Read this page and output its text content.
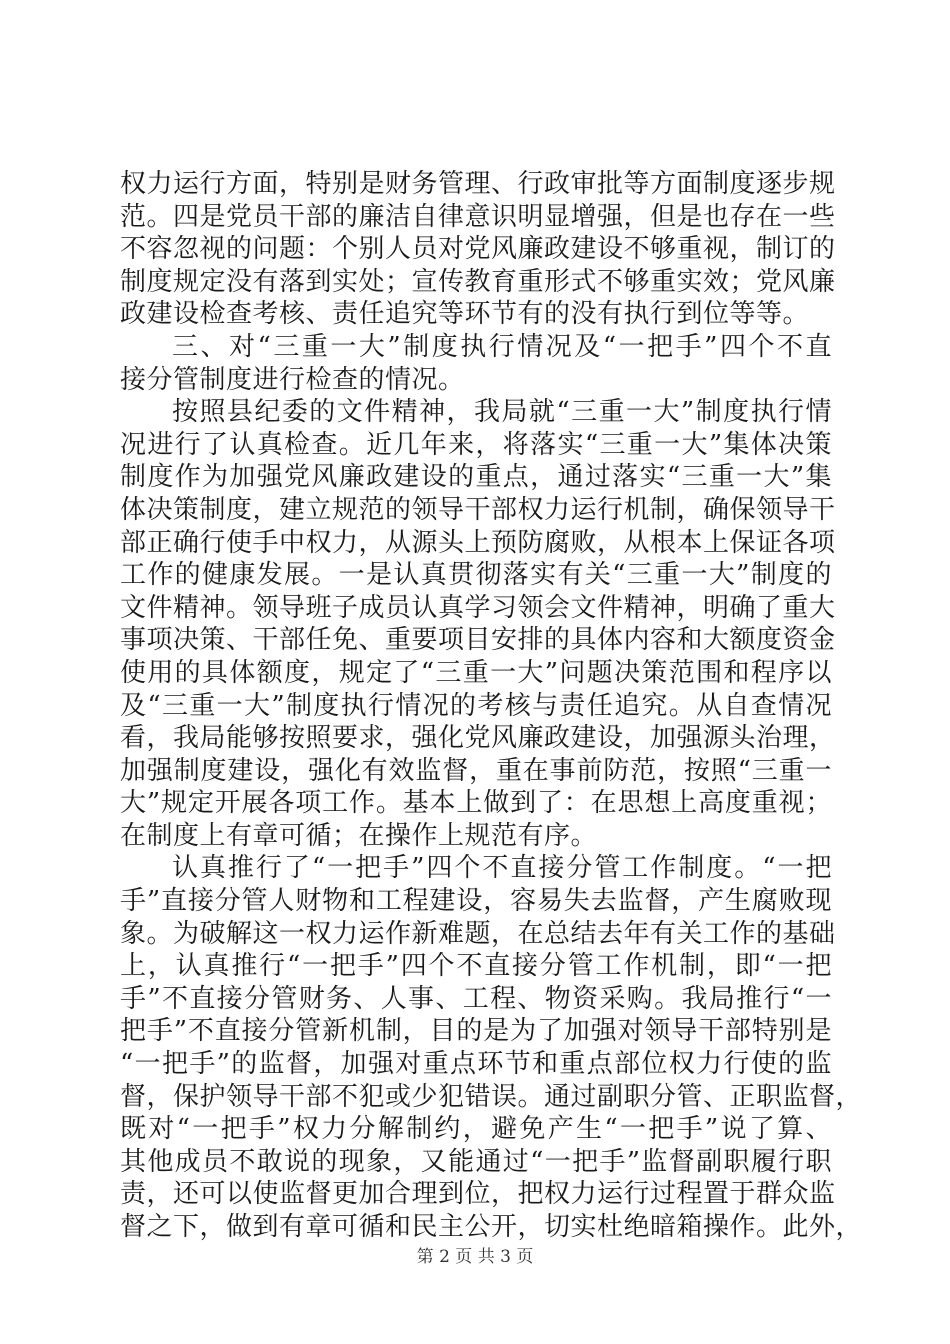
权力运行方面，特别是财务管理、行政审批等方面制度逐步规
范。四是党员干部的廉洁自律意识明显增强，但是也存在一些
不容忽视的问题：个别人员对党风廉政建设不够重视，制订的
制度规定没有落到实处；宣传教育重形式不够重实效；党风廉
政建设检查考核、责任追究等环节有的没有执行到位等等。
三、对“三重一大”制度执行情况及“一把手”四个不直
接分管制度进行检查的情况。
按照县纪委的文件精神，我局就“三重一大”制度执行情
况进行了认真检查。近几年来，将落实“三重一大”集体决策
制度作为加强党风廉政建设的重点，通过落实“三重一大”集
体决策制度，建立规范的领导干部权力运行机制，确保领导干
部正确行使手中权力，从源头上预防腐败，从根本上保证各项
工作的健康发展。一是认真贯彻落实有关“三重一大”制度的
文件精神。领导班子成员认真学习领会文件精神，明确了重大
事项决策、干部任免、重要项目安排的具体内容和大额度资金
使用的具体额度，规定了“三重一大”问题决策范围和程序以
及“三重一大”制度执行情况的考核与责任追究。从自查情况
看，我局能够按照要求，强化党风廉政建设，加强源头治理，
加强制度建设，强化有效监督，重在事前防范，按照“三重一
大”规定开展各项工作。基本上做到了：在思想上高度重视；
在制度上有章可循；在操作上规范有序。
认真推行了“一把手”四个不直接分管工作制度。“一把
手”直接分管人财物和工程建设，容易失去监督，产生腐败现
象。为破解这一权力运作新难题，在总结去年有关工作的基础
上，认真推行“一把手”四个不直接分管工作机制，即“一把
手”不直接分管财务、人事、工程、物资采购。我局推行“一
把手”不直接分管新机制，目的是为了加强对领导干部特别是
“一把手”的监督，加强对重点环节和重点部位权力行使的监
督，保护领导干部不犯或少犯错误。通过副职分管、正职监督，
既对“一把手”权力分解制约，避免产生“一把手”说了算、
其他成员不敢说的现象，又能通过“一把手”监督副职履行职
责，还可以使监督更加合理到位，把权力运行过程置于群众监
督之下，做到有章可循和民主公开，切实杜绝暗箱操作。此外，
第 2 页 共 3 页
